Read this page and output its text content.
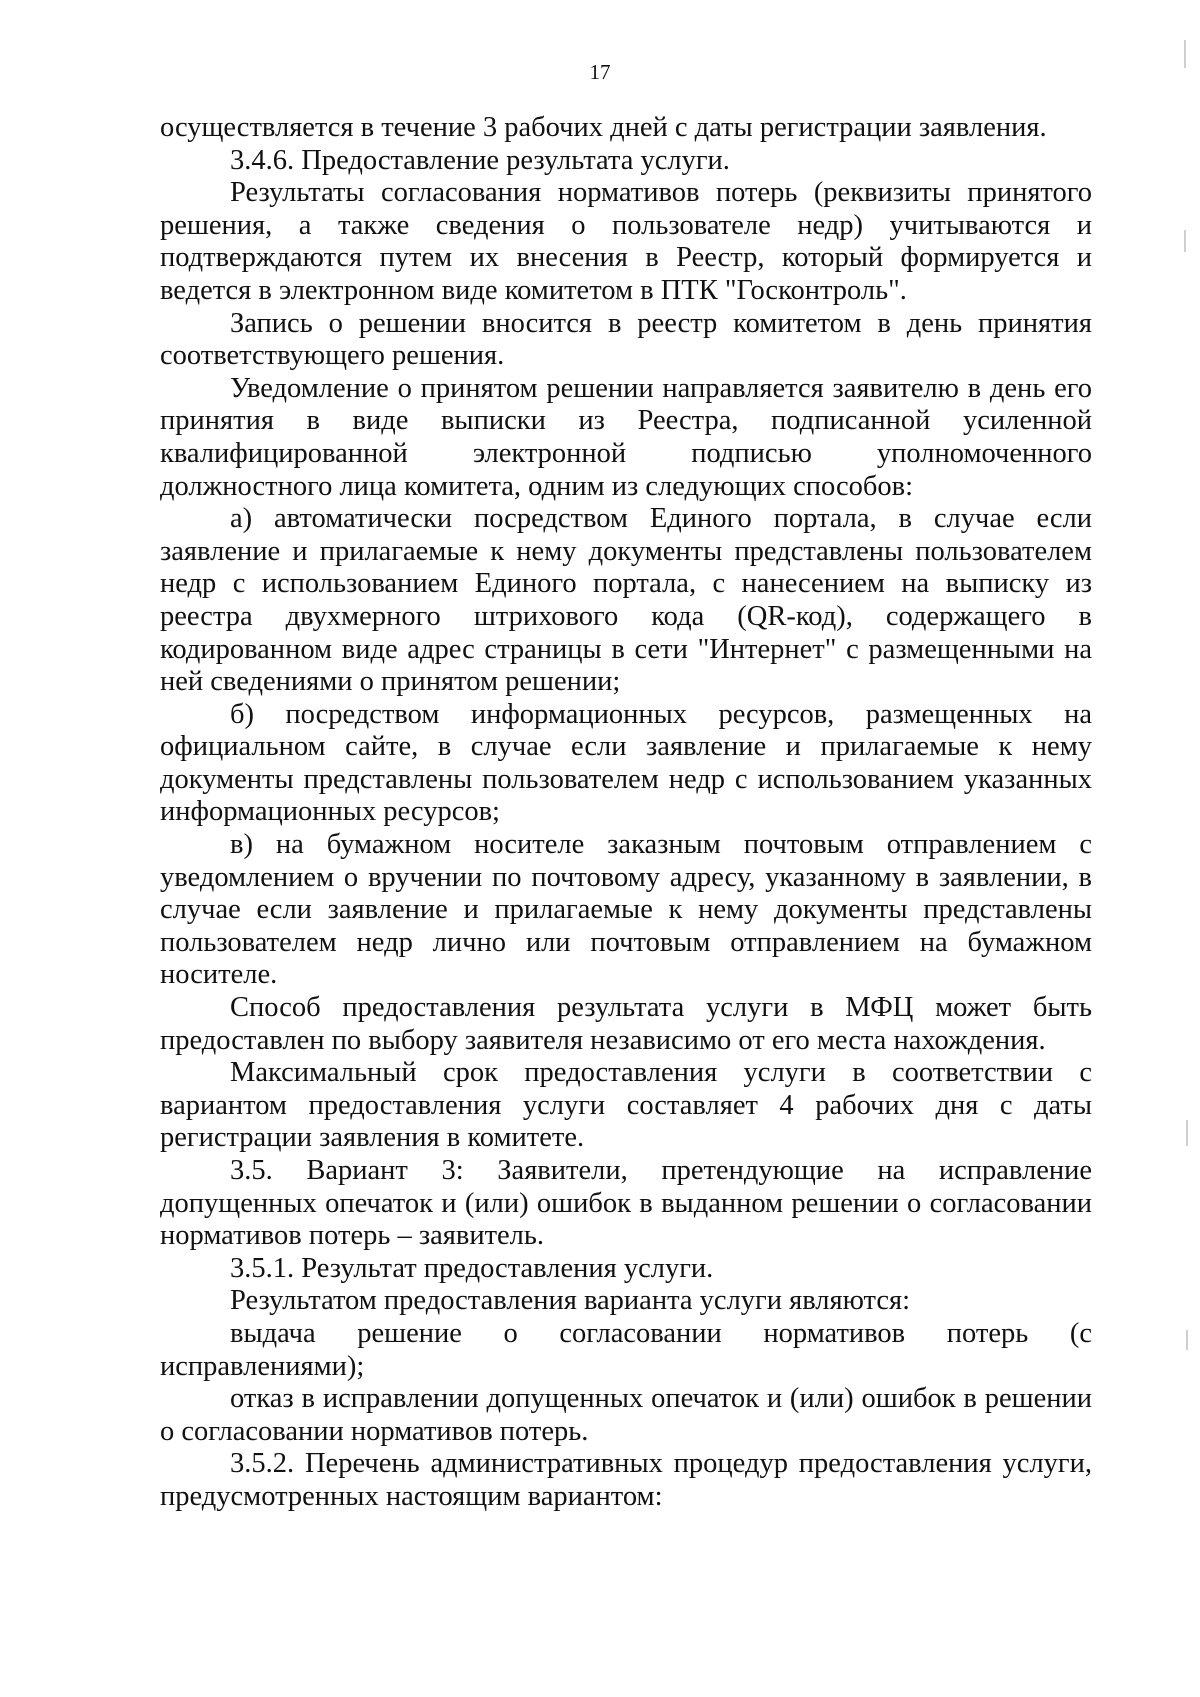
17

осуществляется в течение 3 рабочих дней с даты регистрации заявления.

3.4.6. Предоставление результата услуги.

Результаты согласования нормативов потерь (реквизиты принятого решения, а также сведения о пользователе недр) учитываются и подтверждаются путем их внесения в Реестр, который формируется и ведется в электронном виде комитетом в ПТК "Госконтроль".

Запись о решении вносится в реестр комитетом в день принятия соответствующего решения.

Уведомление о принятом решении направляется заявителю в день его принятия в виде выписки из Реестра, подписанной усиленной квалифицированной электронной подписью уполномоченного должностного лица комитета, одним из следующих способов:

а) автоматически посредством Единого портала, в случае если заявление и прилагаемые к нему документы представлены пользователем недр с использованием Единого портала, с нанесением на выписку из реестра двухмерного штрихового кода (QR-код), содержащего в кодированном виде адрес страницы в сети "Интернет" с размещенными на ней сведениями о принятом решении;

б) посредством информационных ресурсов, размещенных на официальном сайте, в случае если заявление и прилагаемые к нему документы представлены пользователем недр с использованием указанных информационных ресурсов;

в) на бумажном носителе заказным почтовым отправлением с уведомлением о вручении по почтовому адресу, указанному в заявлении, в случае если заявление и прилагаемые к нему документы представлены пользователем недр лично или почтовым отправлением на бумажном носителе.

Способ предоставления результата услуги в МФЦ может быть предоставлен по выбору заявителя независимо от его места нахождения.

Максимальный срок предоставления услуги в соответствии с вариантом предоставления услуги составляет 4 рабочих дня с даты регистрации заявления в комитете.

3.5. Вариант 3: Заявители, претендующие на исправление допущенных опечаток и (или) ошибок в выданном решении о согласовании нормативов потерь – заявитель.

3.5.1. Результат предоставления услуги.

Результатом предоставления варианта услуги являются:

выдача решение о согласовании нормативов потерь (с исправлениями);

отказ в исправлении допущенных опечаток и (или) ошибок в решении о согласовании нормативов потерь.

3.5.2. Перечень административных процедур предоставления услуги, предусмотренных настоящим вариантом:
